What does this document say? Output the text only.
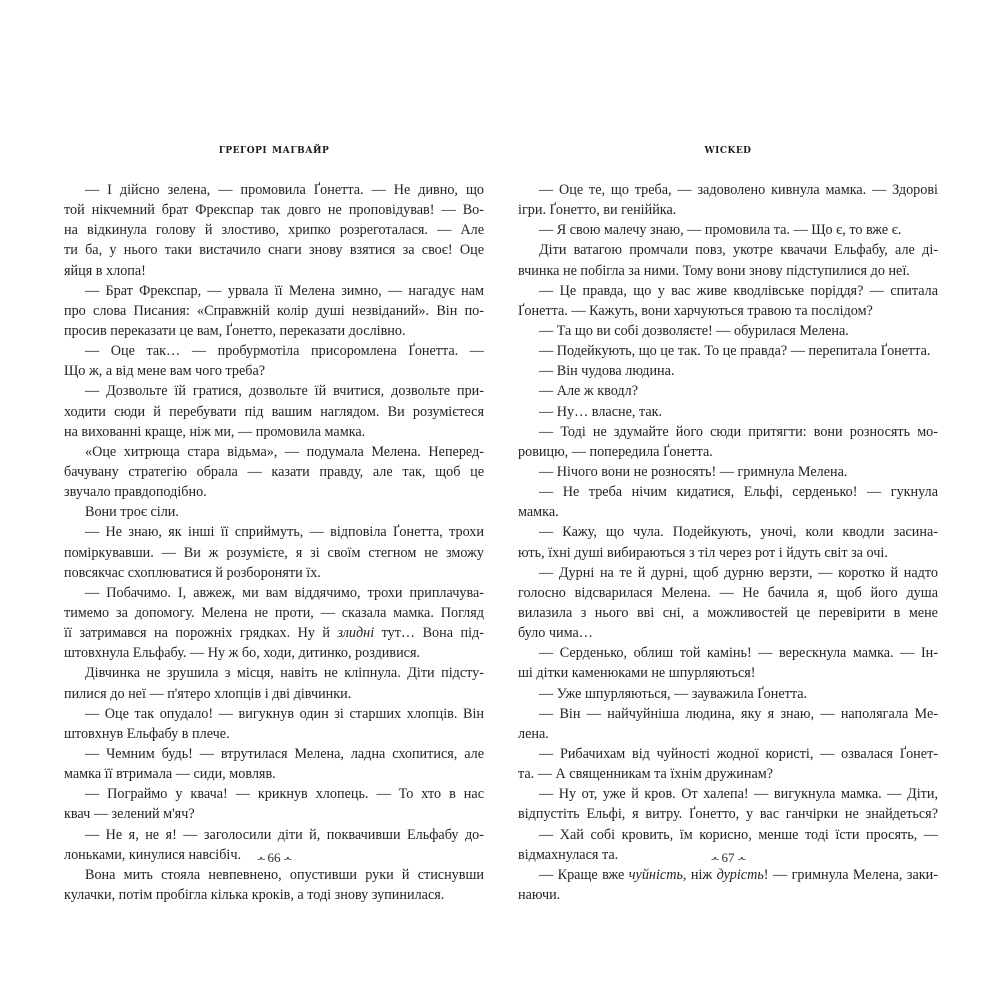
грегорі магвайр
— І дійсно зелена, — промовила Ґонетта. — Не дивно, що
той нікчемний брат Фрекспар так довго не проповідував! — Во-
на відкинула голову й злостиво, хрипко розреготалася. — Але
ти ба, у нього таки вистачило снаги знову взятися за своє! Оце
яйця в хлопа!
— Брат Фрекспар, — урвала її Мелена зимно, — нагадує нам
про слова Писания: «Справжній колір душі незвіданий». Він по-
просив переказати це вам, Ґонетто, переказати дослівно.
— Оце так… — пробурмотіла присоромлена Ґонетта. —
Що ж, а від мене вам чого треба?
— Дозвольте їй гратися, дозвольте їй вчитися, дозвольте при-
ходити сюди й перебувати під вашим наглядом. Ви розумієтеся
на вихованні краще, ніж ми, — промовила мамка.
«Оце хитрюща стара відьма», — подумала Мелена. Неперед-
бачувану стратегію обрала — казати правду, але так, щоб це
звучало правдоподібно.
Вони троє сіли.
— Не знаю, як інші її сприймуть, — відповіла Ґонетта, трохи
поміркувавши. — Ви ж розумієте, я зі своїм стегном не зможу
повсякчас схоплюватися й розбороняти їх.
— Побачимо. І, авжеж, ми вам віддячимо, трохи приплачува-
тимемо за допомогу. Мелена не проти, — сказала мамка. Погляд
її затримався на порожніх грядках. Ну й злидні тут… Вона під-
штовхнула Ельфабу. — Ну ж бо, ходи, дитинко, роздивися.
Дівчинка не зрушила з місця, навіть не кліпнула. Діти підсту-
пилися до неї — п'ятеро хлопців і дві дівчинки.
— Оце так опудало! — вигукнув один зі старших хлопців. Він
штовхнув Ельфабу в плече.
— Чемним будь! — втрутилася Мелена, ладна схопитися, але
мамка її втримала — сиди, мовляв.
— Пограймо у квача! — крикнув хлопець. — То хто в нас
квач — зелений м'яч?
— Не я, не я! — заголосили діти й, поквачивши Ельфабу до-
лоньками, кинулися навсібіч.
Вона мить стояла невпевнено, опустивши руки й стиснувши
кулачки, потім пробігла кілька кроків, а тоді знову зупинилася.
-•- 66 -•-
wicked
— Оце те, що треба, — задоволено кивнула мамка. — Здорові
ігри. Ґонетто, ви геніййка.
— Я свою малечу знаю, — промовила та. — Що є, то вже є.
Діти ватагою промчали повз, укотре квачачи Ельфабу, але ді-
вчинка не побігла за ними. Тому вони знову підступилися до неї.
— Це правда, що у вас живе кводлівське поріддя? — спитала
Ґонетта. — Кажуть, вони харчуються травою та послідом?
— Та що ви собі дозволяєте! — обурилася Мелена.
— Подейкують, що це так. То це правда? — перепитала Ґонетта.
— Він чудова людина.
— Але ж кводл?
— Ну… власне, так.
— Тоді не здумайте його сюди притягти: вони розносять мо-
ровицю, — попередила Ґонетта.
— Нічого вони не розносять! — гримнула Мелена.
— Не треба нічим кидатися, Ельфі, серденько! — гукнула
мамка.
— Кажу, що чула. Подейкують, уночі, коли кводли засина-
ють, їхні душі вибираються з тіл через рот і йдуть світ за очі.
— Дурні на те й дурні, щоб дурню верзти, — коротко й надто
голосно відсварилася Мелена. — Не бачила я, щоб його душа
вилазила з нього вві сні, а можливостей це перевірити в мене
було чима…
— Серденько, облиш той камінь! — верескнула мамка. — Ін-
ші дітки каменюками не шпурляються!
— Уже шпурляються, — зауважила Ґонетта.
— Він — найчуйніша людина, яку я знаю, — наполягала Ме-
лена.
— Рибачихам від чуйності жодної користі, — озвалася Ґонет-
та. — А священникам та їхнім дружинам?
— Ну от, уже й кров. От халепа! — вигукнула мамка. — Діти,
відпустіть Ельфі, я витру. Ґонетто, у вас ганчірки не знайдеться?
— Хай собі кровить, їм корисно, менше тоді їсти просять, —
відмахнулася та.
— Краще вже чуйність, ніж дурість! — гримнула Мелена, заки-
наючи.
-•- 67 -•-
